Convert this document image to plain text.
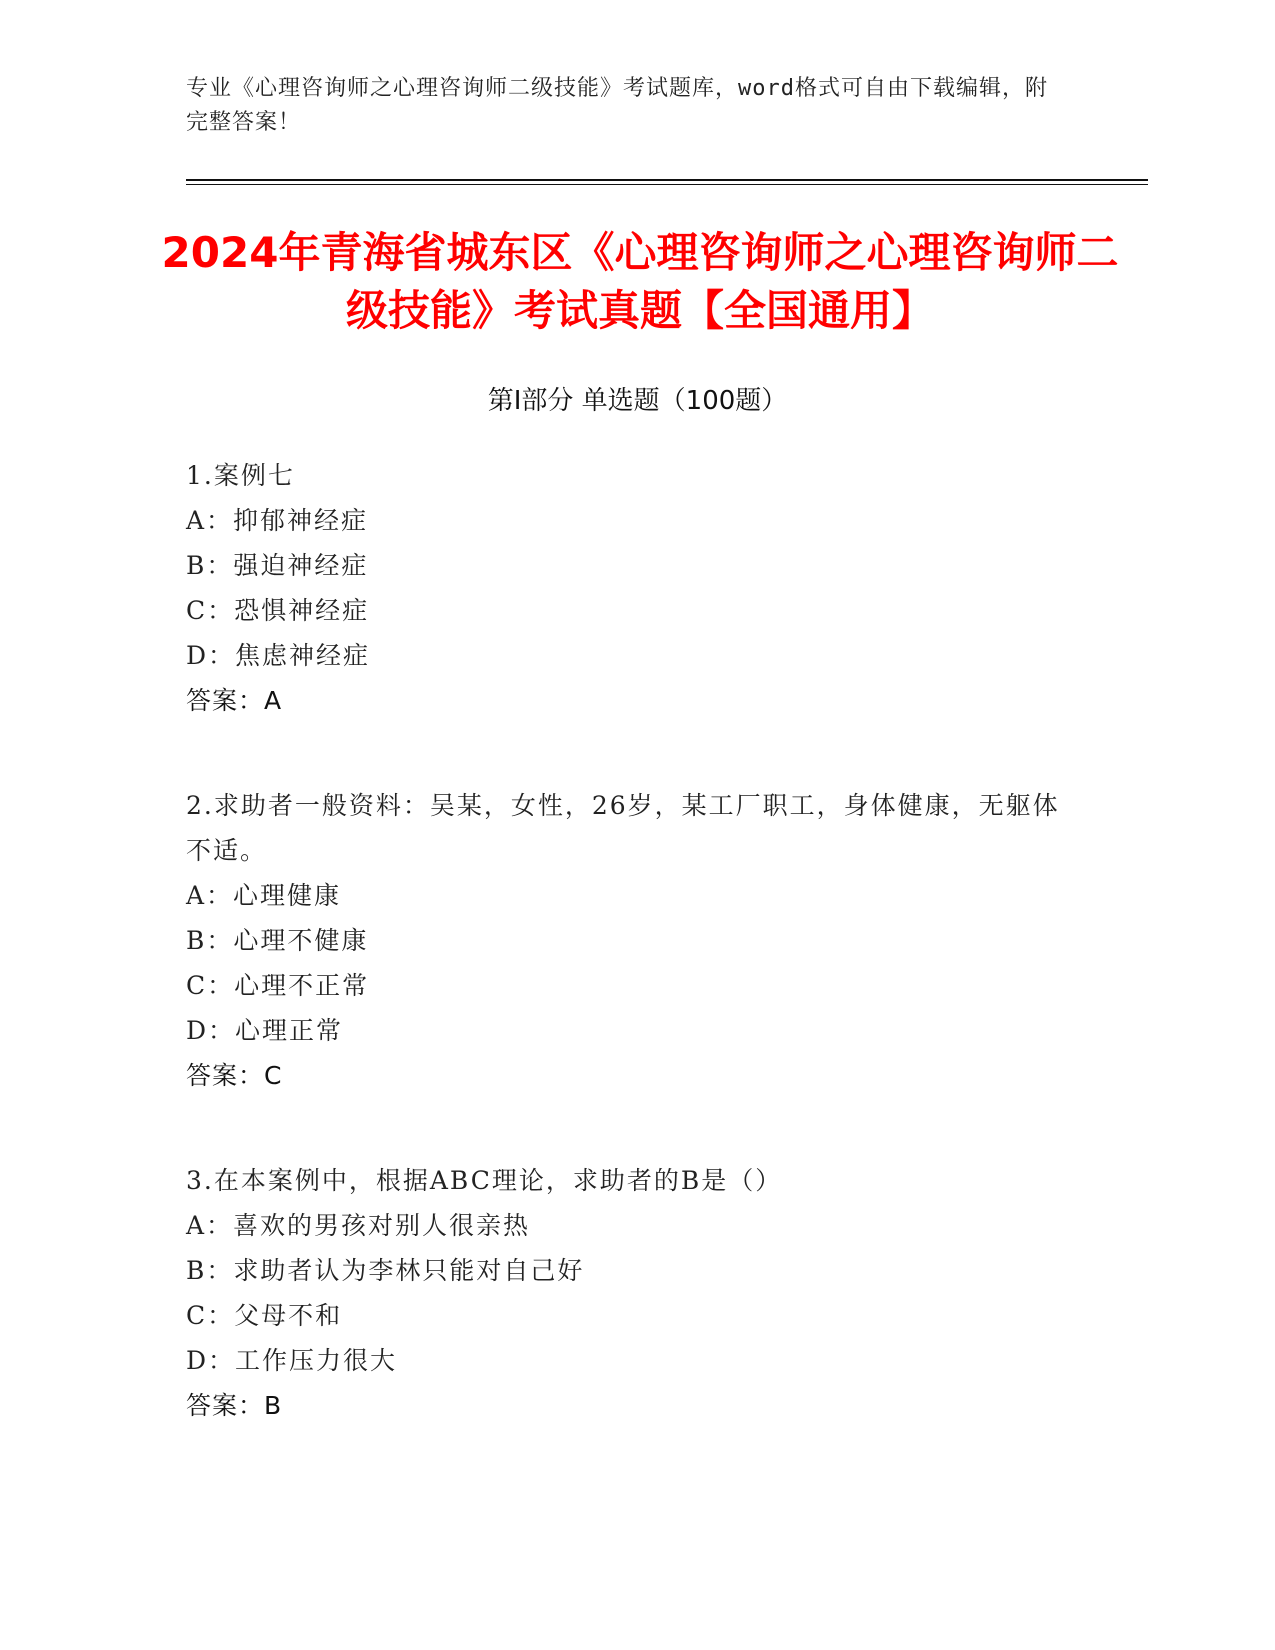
专业《心理咨询师之心理咨询师二级技能》考试题库，word格式可自由下载编辑，附完整答案！
2024年青海省城东区《心理咨询师之心理咨询师二级技能》考试真题【全国通用】
第I部分 单选题（100题）
1.案例七
A：抑郁神经症
B：强迫神经症
C：恐惧神经症
D：焦虑神经症
答案：A
2.求助者一般资料：吴某，女性，26岁，某工厂职工，身体健康，无躯体不适。
A：心理健康
B：心理不健康
C：心理不正常
D：心理正常
答案：C
3.在本案例中，根据ABC理论，求助者的B是（）
A：喜欢的男孩对别人很亲热
B：求助者认为李林只能对自己好
C：父母不和
D：工作压力很大
答案：B
